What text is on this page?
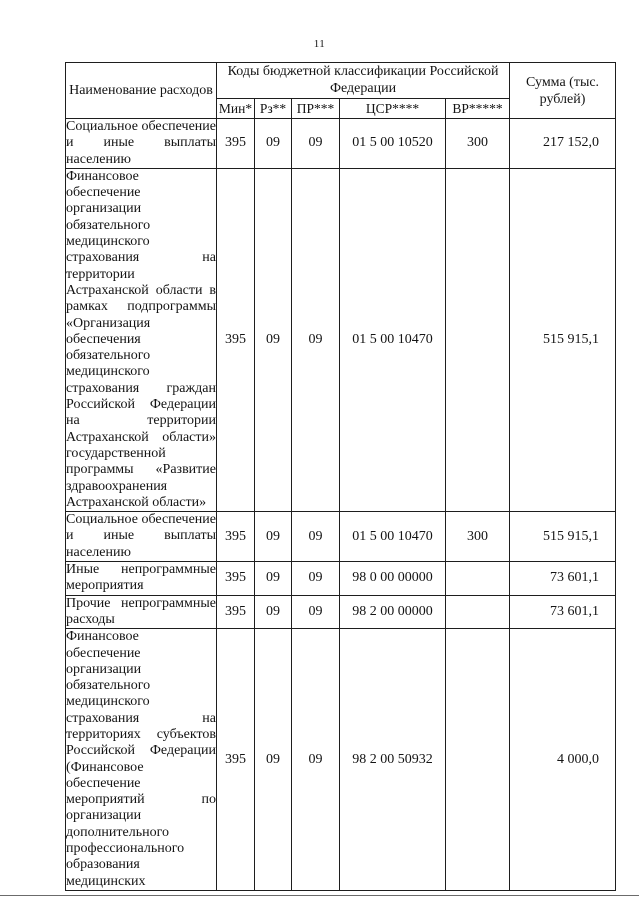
11
Наименование расходов	Коды бюджетной классификации Российской Федерации					Сумма (тыс. рублей)
	Мин*	Рз**	ПР***	ЦСР****	ВР*****	
Социальное обеспечение и иные выплаты населению	395	09	09	01 5 00 10520	300	217 152,0
Финансовое обеспечение организации обязательного медицинского страхования на территории Астраханской области в рамках подпрограммы «Организация обеспечения обязательного медицинского страхования граждан Российской Федерации на территории Астраханской области» государственной программы «Развитие здравоохранения Астраханской области»	395	09	09	01 5 00 10470		515 915,1
Социальное обеспечение и иные выплаты населению	395	09	09	01 5 00 10470	300	515 915,1
Иные непрограммные мероприятия	395	09	09	98 0 00 00000		73 601,1
Прочие непрограммные расходы	395	09	09	98 2 00 00000		73 601,1
Финансовое обеспечение организации обязательного медицинского страхования на территориях субъектов Российской Федерации (Финансовое обеспечение мероприятий по организации дополнительного профессионального образования медицинских	395	09	09	98 2 00 50932		4 000,0
